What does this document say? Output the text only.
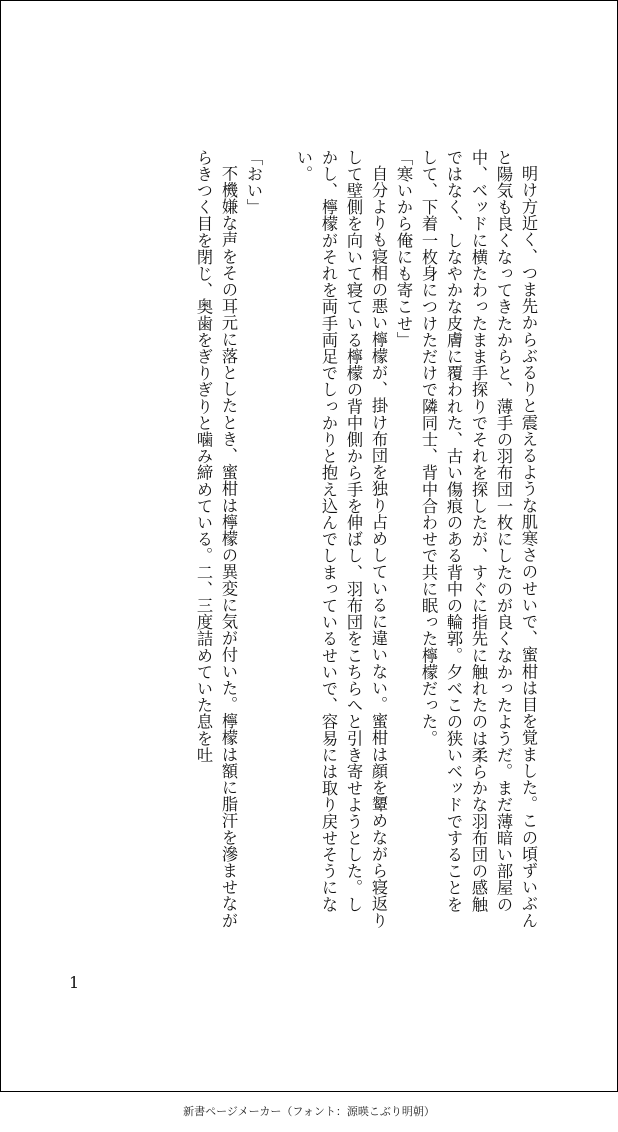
明け方近く、つま先からぶるりと震えるような肌寒さのせいで、蜜柑は目を覚ました。この頃ずいぶんと陽気も良くなってきたからと、薄手の羽布団一枚にしたのが良くなかったようだ。まだ薄暗い部屋の中、ベッドに横たわったまま手探りでそれを探したが、すぐに指先に触れたのは柔らかな羽布団の感触ではなく、しなやかな皮膚に覆われた、古い傷痕のある背中の輪郭。夕べこの狭いベッドですることをして、下着一枚身につけただけで隣同士、背中合わせで共に眠った檸檬だった。

「寒いから俺にも寄こせ」

自分よりも寝相の悪い檸檬が、掛け布団を独り占めしているに違いない。蜜柑は顔を顰めながら寝返りして壁側を向いて寝ている檸檬の背中側から手を伸ばし、羽布団をこちらへと引き寄せようとした。しかし、檸檬がそれを両手両足でしっかりと抱え込んでしまっているせいで、容易には取り戻せそうにない。

「おい」

不機嫌な声をその耳元に落としたとき、蜜柑は檸檬の異変に気が付いた。檸檬は額に脂汗を滲ませながらきつく目を閉じ、奥歯をぎりぎりと噛み締めている。二、三度詰めていた息を吐

1
新書ページメーカー（フォント：源暎こぶり明朝）
